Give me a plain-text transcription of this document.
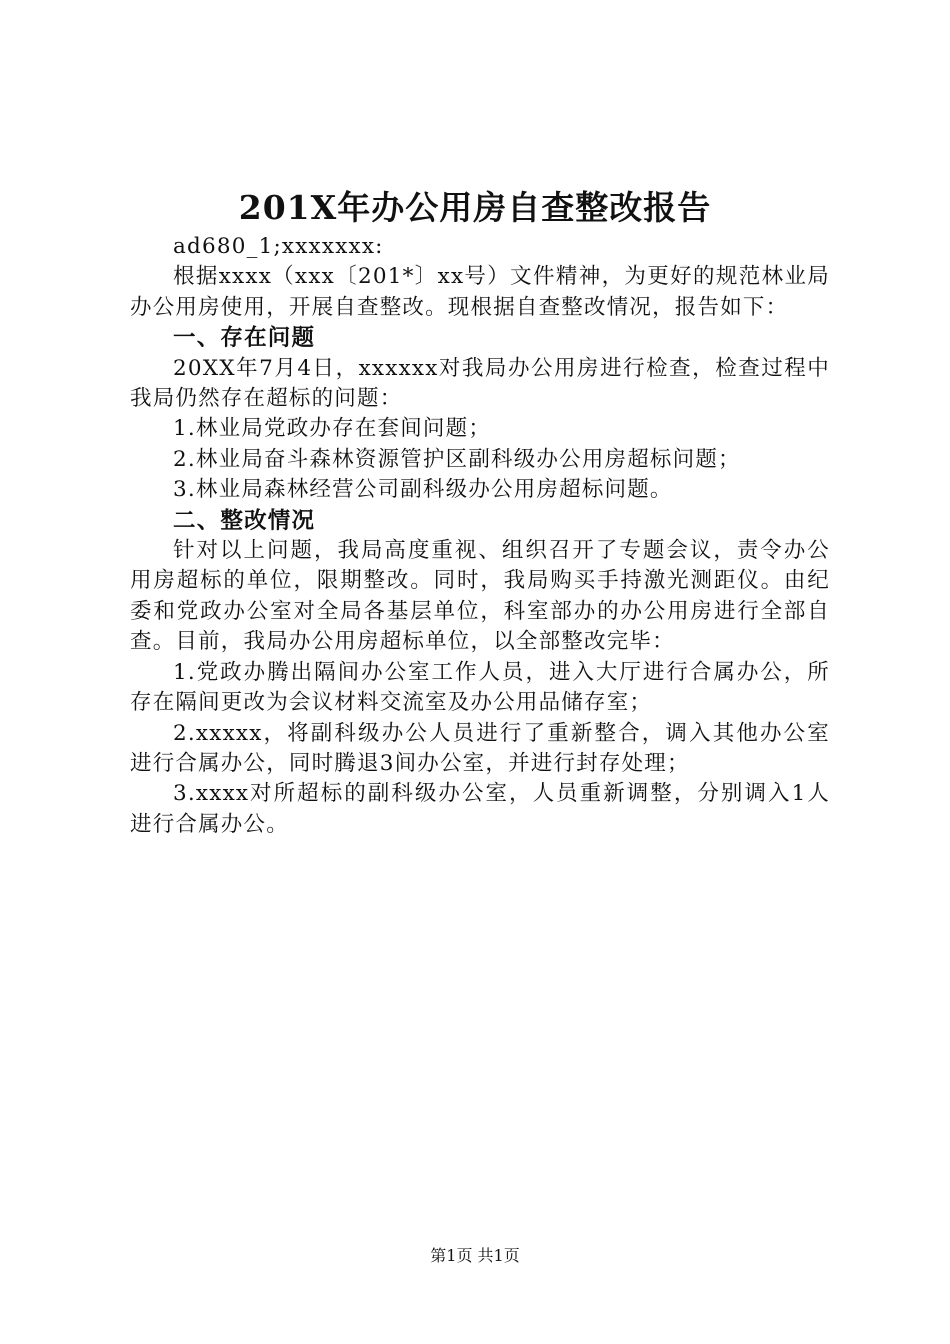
201X年办公用房自查整改报告

ad680_1;xxxxxxx:

根据xxxx（xxx〔201*〕xx号）文件精神，为更好的规范林业局办公用房使用，开展自查整改。现根据自查整改情况，报告如下：

一、存在问题

20XX年7月4日，xxxxxx对我局办公用房进行检查，检查过程中我局仍然存在超标的问题：

1.林业局党政办存在套间问题；

2.林业局奋斗森林资源管护区副科级办公用房超标问题；

3.林业局森林经营公司副科级办公用房超标问题。

二、整改情况

针对以上问题，我局高度重视、组织召开了专题会议，责令办公用房超标的单位，限期整改。同时，我局购买手持激光测距仪。由纪委和党政办公室对全局各基层单位，科室部办的办公用房进行全部自查。目前，我局办公用房超标单位，以全部整改完毕：

1.党政办腾出隔间办公室工作人员，进入大厅进行合属办公，所存在隔间更改为会议材料交流室及办公用品储存室；

2.xxxxx，将副科级办公人员进行了重新整合，调入其他办公室进行合属办公，同时腾退3间办公室，并进行封存处理；

3.xxxx对所超标的副科级办公室，人员重新调整，分别调入1人进行合属办公。

第1页 共1页
